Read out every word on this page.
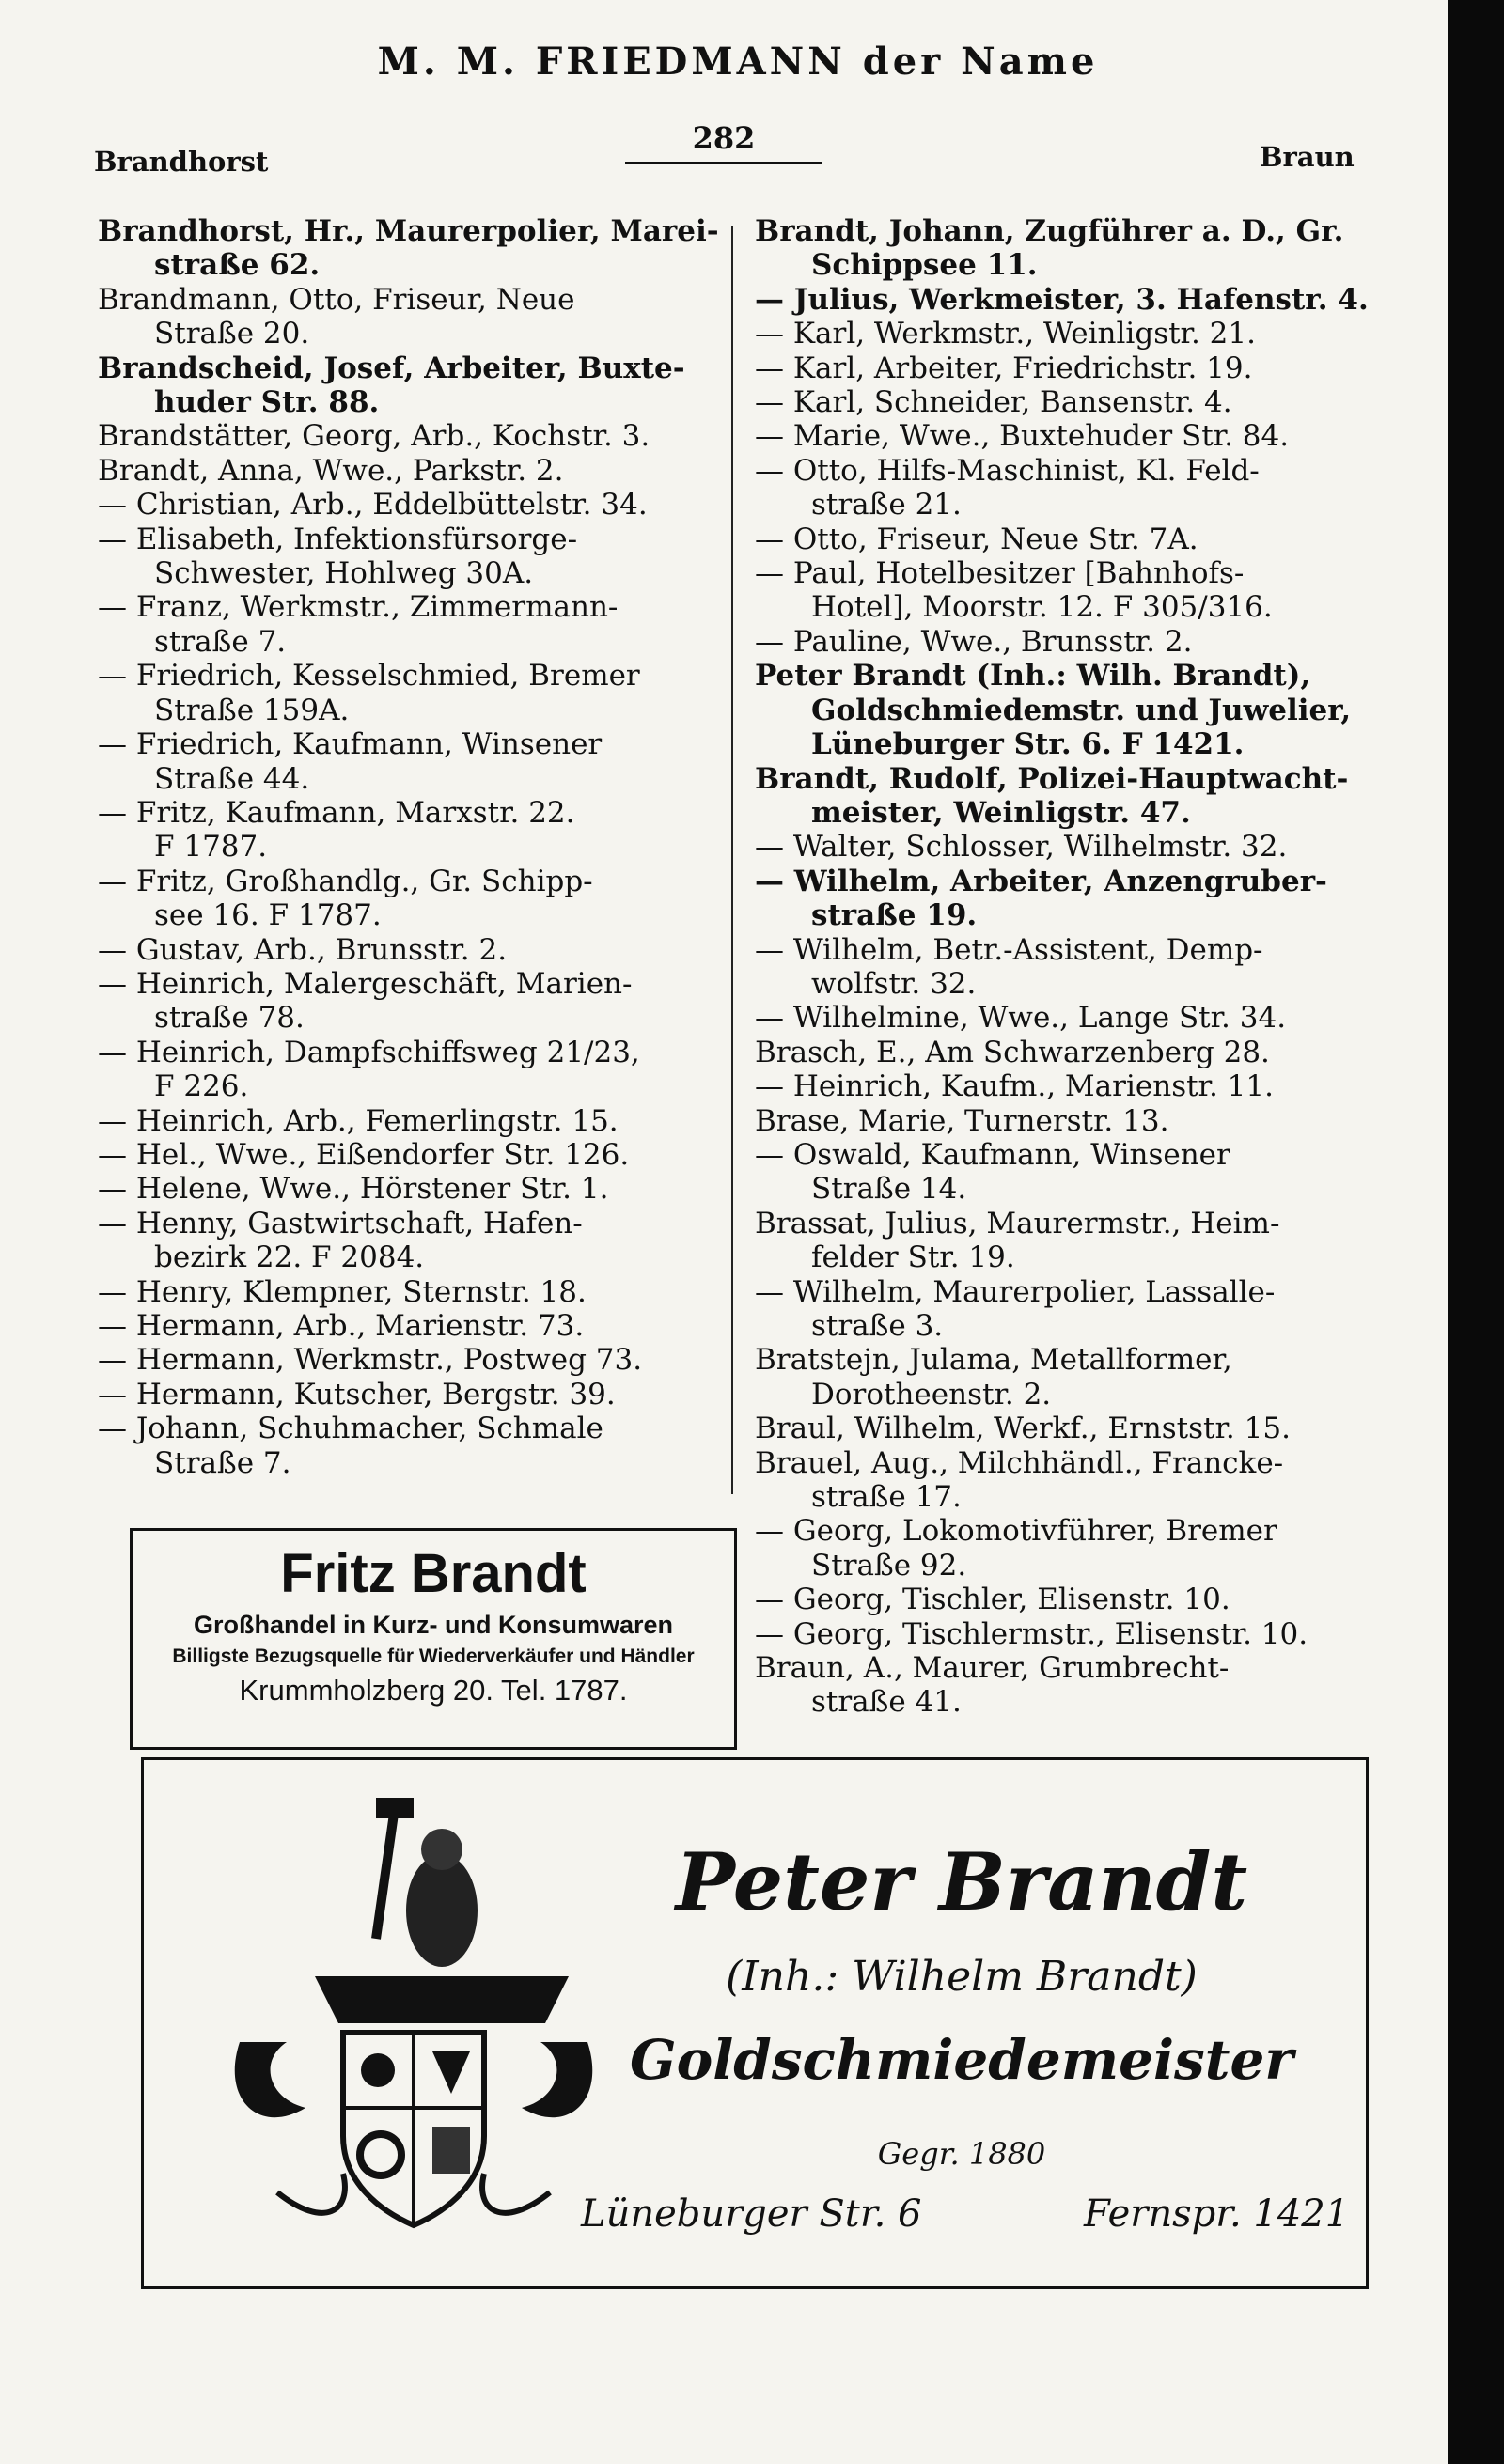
M. M. FRIEDMANN der Name
Brandhorst
282
Braun
Brandhorst, Hr., Maurerpolier, Marei-
straße 62.
Brandmann, Otto, Friseur, Neue
Straße 20.
Brandscheid, Josef, Arbeiter, Buxte-
huder Str. 88.
Brandstätter, Georg, Arb., Kochstr. 3.
Brandt, Anna, Wwe., Parkstr. 2.
— Christian, Arb., Eddelbüttelstr. 34.
— Elisabeth, Infektionsfürsorge-
Schwester, Hohlweg 30A.
— Franz, Werkmstr., Zimmermann-
straße 7.
— Friedrich, Kesselschmied, Bremer
Straße 159A.
— Friedrich, Kaufmann, Winsener
Straße 44.
— Fritz, Kaufmann, Marxstr. 22.
F 1787.
— Fritz, Großhandlg., Gr. Schipp-
see 16. F 1787.
— Gustav, Arb., Brunsstr. 2.
— Heinrich, Malergeschäft, Marien-
straße 78.
— Heinrich, Dampfschiffsweg 21/23,
F 226.
— Heinrich, Arb., Femerlingstr. 15.
— Hel., Wwe., Eißendorfer Str. 126.
— Helene, Wwe., Hörstener Str. 1.
— Henny, Gastwirtschaft, Hafen-
bezirk 22. F 2084.
— Henry, Klempner, Sternstr. 18.
— Hermann, Arb., Marienstr. 73.
— Hermann, Werkmstr., Postweg 73.
— Hermann, Kutscher, Bergstr. 39.
— Johann, Schuhmacher, Schmale
Straße 7.
Brandt, Johann, Zugführer a. D., Gr.
Schippsee 11.
— Julius, Werkmeister, 3. Hafenstr. 4.
— Karl, Werkmstr., Weinligstr. 21.
— Karl, Arbeiter, Friedrichstr. 19.
— Karl, Schneider, Bansenstr. 4.
— Marie, Wwe., Buxtehuder Str. 84.
— Otto, Hilfs-Maschinist, Kl. Feld-
straße 21.
— Otto, Friseur, Neue Str. 7A.
— Paul, Hotelbesitzer [Bahnhofs-
Hotel], Moorstr. 12. F 305/316.
— Pauline, Wwe., Brunsstr. 2.
Peter Brandt (Inh.: Wilh. Brandt),
Goldschmiedemstr. und Juwelier, Lüneburger Str. 6. F 1421.
Brandt, Rudolf, Polizei-Hauptwacht-
meister, Weinligstr. 47.
— Walter, Schlosser, Wilhelmstr. 32.
— Wilhelm, Arbeiter, Anzengruber-
straße 19.
— Wilhelm, Betr.-Assistent, Demp-
wolfstr. 32.
— Wilhelmine, Wwe., Lange Str. 34.
Brasch, E., Am Schwarzenberg 28.
— Heinrich, Kaufm., Marienstr. 11.
Brase, Marie, Turnerstr. 13.
— Oswald, Kaufmann, Winsener
Straße 14.
Brassat, Julius, Maurermstr., Heim-
felder Str. 19.
— Wilhelm, Maurerpolier, Lassalle-
straße 3.
Bratstejn, Julama, Metallformer,
Dorotheenstr. 2.
Braul, Wilhelm, Werkf., Ernststr. 15.
Brauel, Aug., Milchhändl., Francke-
straße 17.
— Georg, Lokomotivführer, Bremer
Straße 92.
— Georg, Tischler, Elisenstr. 10.
— Georg, Tischlermstr., Elisenstr. 10.
Braun, A., Maurer, Grumbrecht-
straße 41.
Fritz Brandt
Großhandel in Kurz- und Konsumwaren
Billigste Bezugsquelle für Wiederverkäufer und Händler
Krummholzberg 20. Tel. 1787.
Peter Brandt
(Inh.: Wilhelm Brandt)
Goldschmiedemeister
Gegr. 1880
Lüneburger Str. 6	Fernspr. 1421
